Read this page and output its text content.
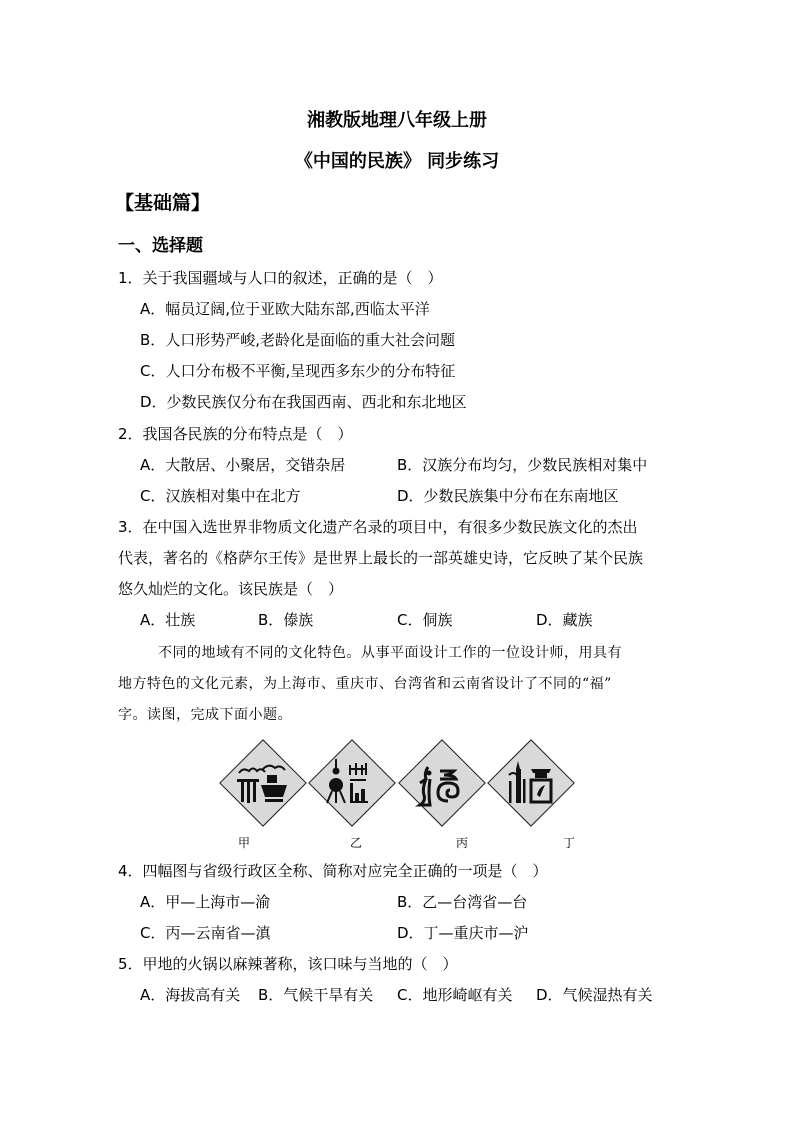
湘教版地理八年级上册
《中国的民族》 同步练习
【基础篇】
一、选择题
1．关于我国疆域与人口的叙述，正确的是（　）
A．幅员辽阔,位于亚欧大陆东部,西临太平洋
B．人口形势严峻,老龄化是面临的重大社会问题
C．人口分布极不平衡,呈现西多东少的分布特征
D．少数民族仅分布在我国西南、西北和东北地区
2．我国各民族的分布特点是（　）
A．大散居、小聚居，交错杂居	B．汉族分布均匀，少数民族相对集中
C．汉族相对集中在北方	D．少数民族集中分布在东南地区
3．在中国入选世界非物质文化遗产名录的项目中，有很多少数民族文化的杰出
代表，著名的《格萨尔王传》是世界上最长的一部英雄史诗，它反映了某个民族
悠久灿烂的文化。该民族是（　）
A．壮族	B．傣族	C．侗族	D．藏族
不同的地域有不同的文化特色。从事平面设计工作的一位设计师，用具有
地方特色的文化元素，为上海市、重庆市、台湾省和云南省设计了不同的“福”
字。读图，完成下面小题。
甲	乙	丙	丁
4．四幅图与省级行政区全称、简称对应完全正确的一项是（　）
A．甲—上海市—渝	B．乙—台湾省—台
C．丙—云南省—滇	D．丁—重庆市—沪
5．甲地的火锅以麻辣著称，该口味与当地的（　）
A．海拔高有关 B．气候干旱有关 C．地形崎岖有关 D．气候湿热有关
